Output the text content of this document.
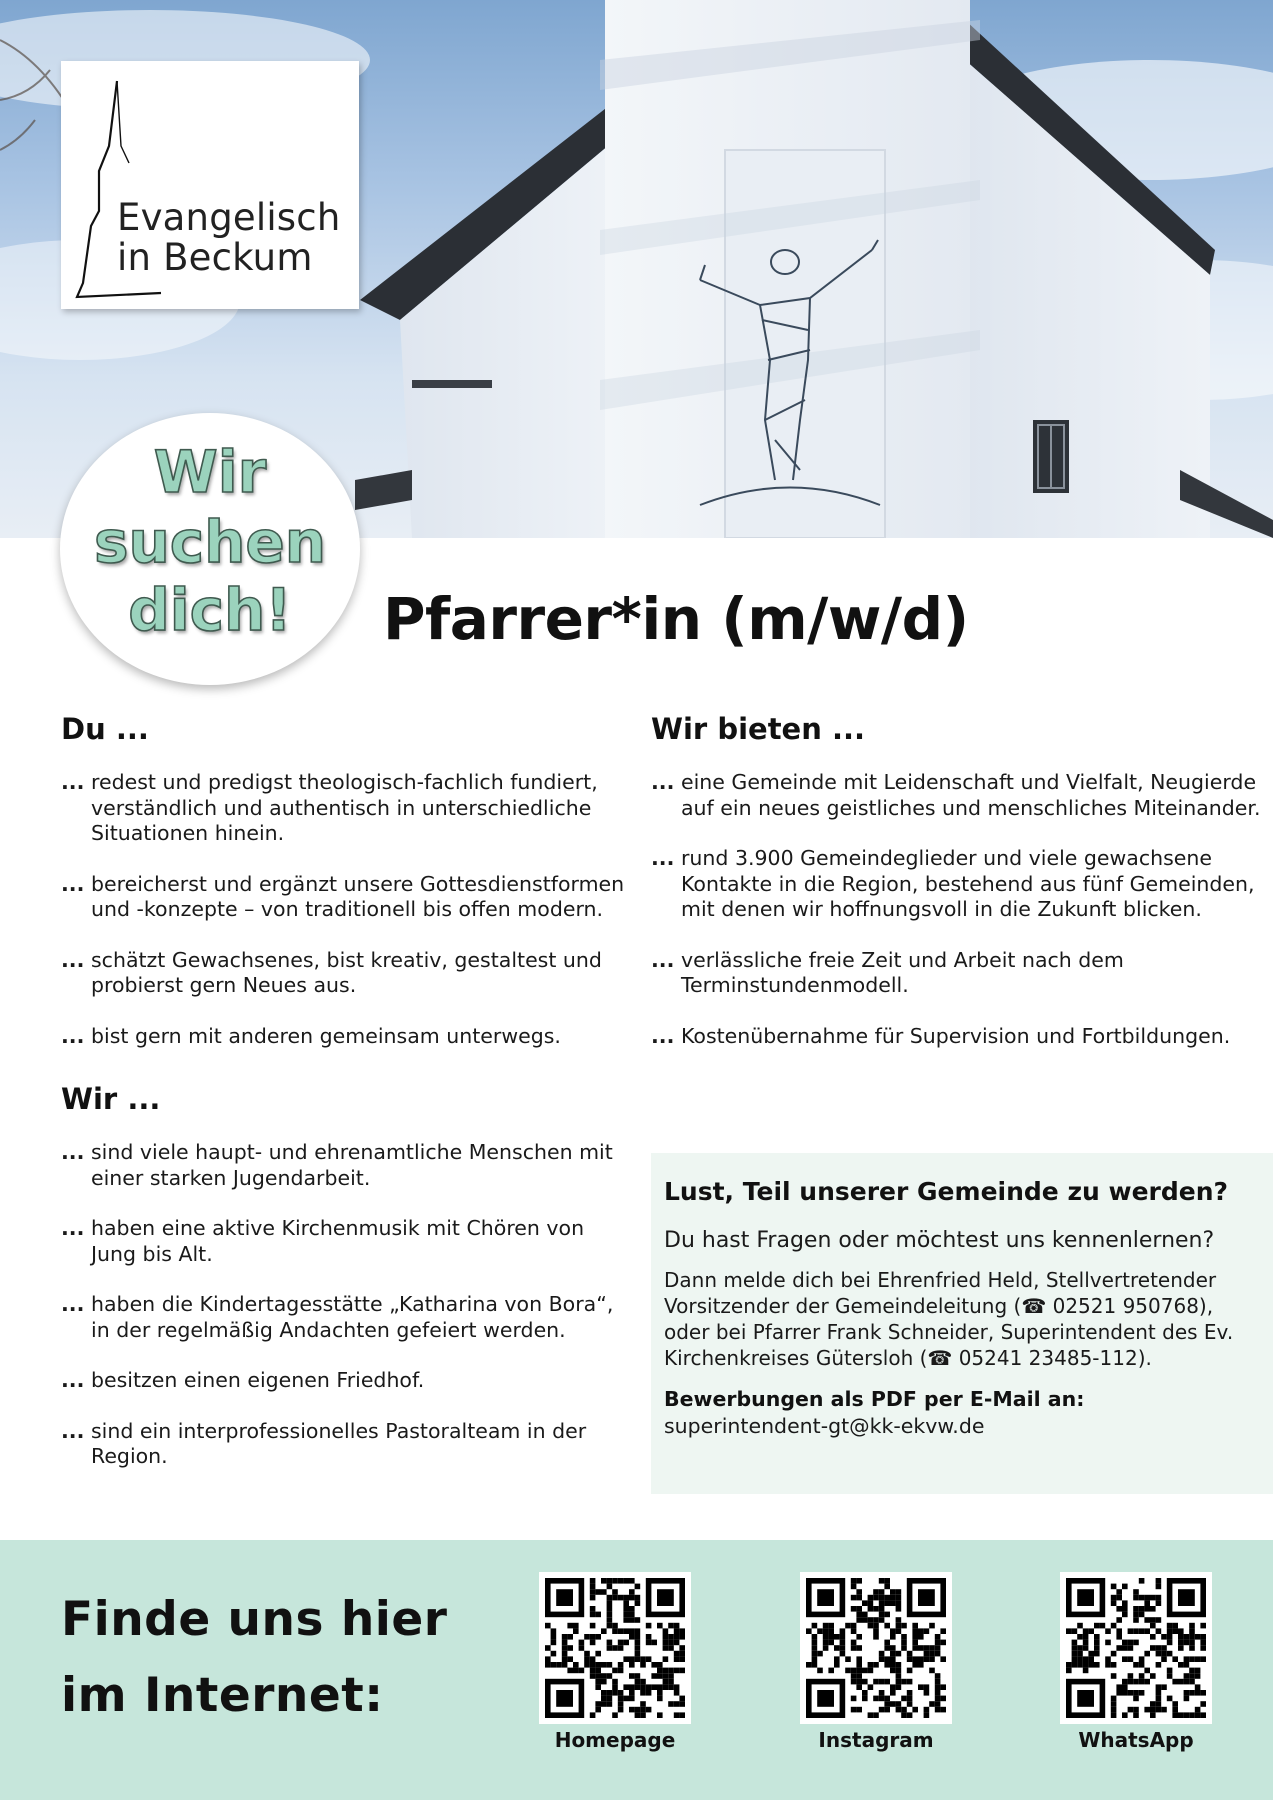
Evangelisch
in Beckum
Wir
suchen
dich!	Pfarrer*in (m/w/d)
Du ...
... redest und predigst theologisch-fachlich fundiert, verständlich und authentisch in unterschiedliche Situationen hinein.
... bereicherst und ergänzt unsere Gottesdienstformen und -konzepte – von traditionell bis offen modern.
... schätzt Gewachsenes, bist kreativ, gestaltest und probierst gern Neues aus.
... bist gern mit anderen gemeinsam unterwegs.
Wir ...
... sind viele haupt- und ehrenamtliche Menschen mit einer starken Jugendarbeit.
... haben eine aktive Kirchenmusik mit Chören von Jung bis Alt.
... haben die Kindertagesstätte „Katharina von Bora“, in der regelmäßig Andachten gefeiert werden.
... besitzen einen eigenen Friedhof.
... sind ein interprofessionelles Pastoralteam in der Region.
Wir bieten ...
... eine Gemeinde mit Leidenschaft und Vielfalt, Neugierde auf ein neues geistliches und menschliches Miteinander.
... rund 3.900 Gemeindeglieder und viele gewachsene Kontakte in die Region, bestehend aus fünf Gemeinden, mit denen wir hoffnungsvoll in die Zukunft blicken.
... verlässliche freie Zeit und Arbeit nach dem Terminstundenmodell.
... Kostenübernahme für Supervision und Fortbildungen.
Lust, Teil unserer Gemeinde zu werden?
Du hast Fragen oder möchtest uns kennenlernen?
Dann melde dich bei Ehrenfried Held, Stellvertretender Vorsitzender der Gemeindeleitung (☎ 02521 950768), oder bei Pfarrer Frank Schneider, Superintendent des Ev. Kirchenkreises Gütersloh (☎ 05241 23485-112).
Bewerbungen als PDF per E-Mail an:
superintendent-gt@kk-ekvw.de
Finde uns hier
im Internet:
Homepage	Instagram	WhatsApp
